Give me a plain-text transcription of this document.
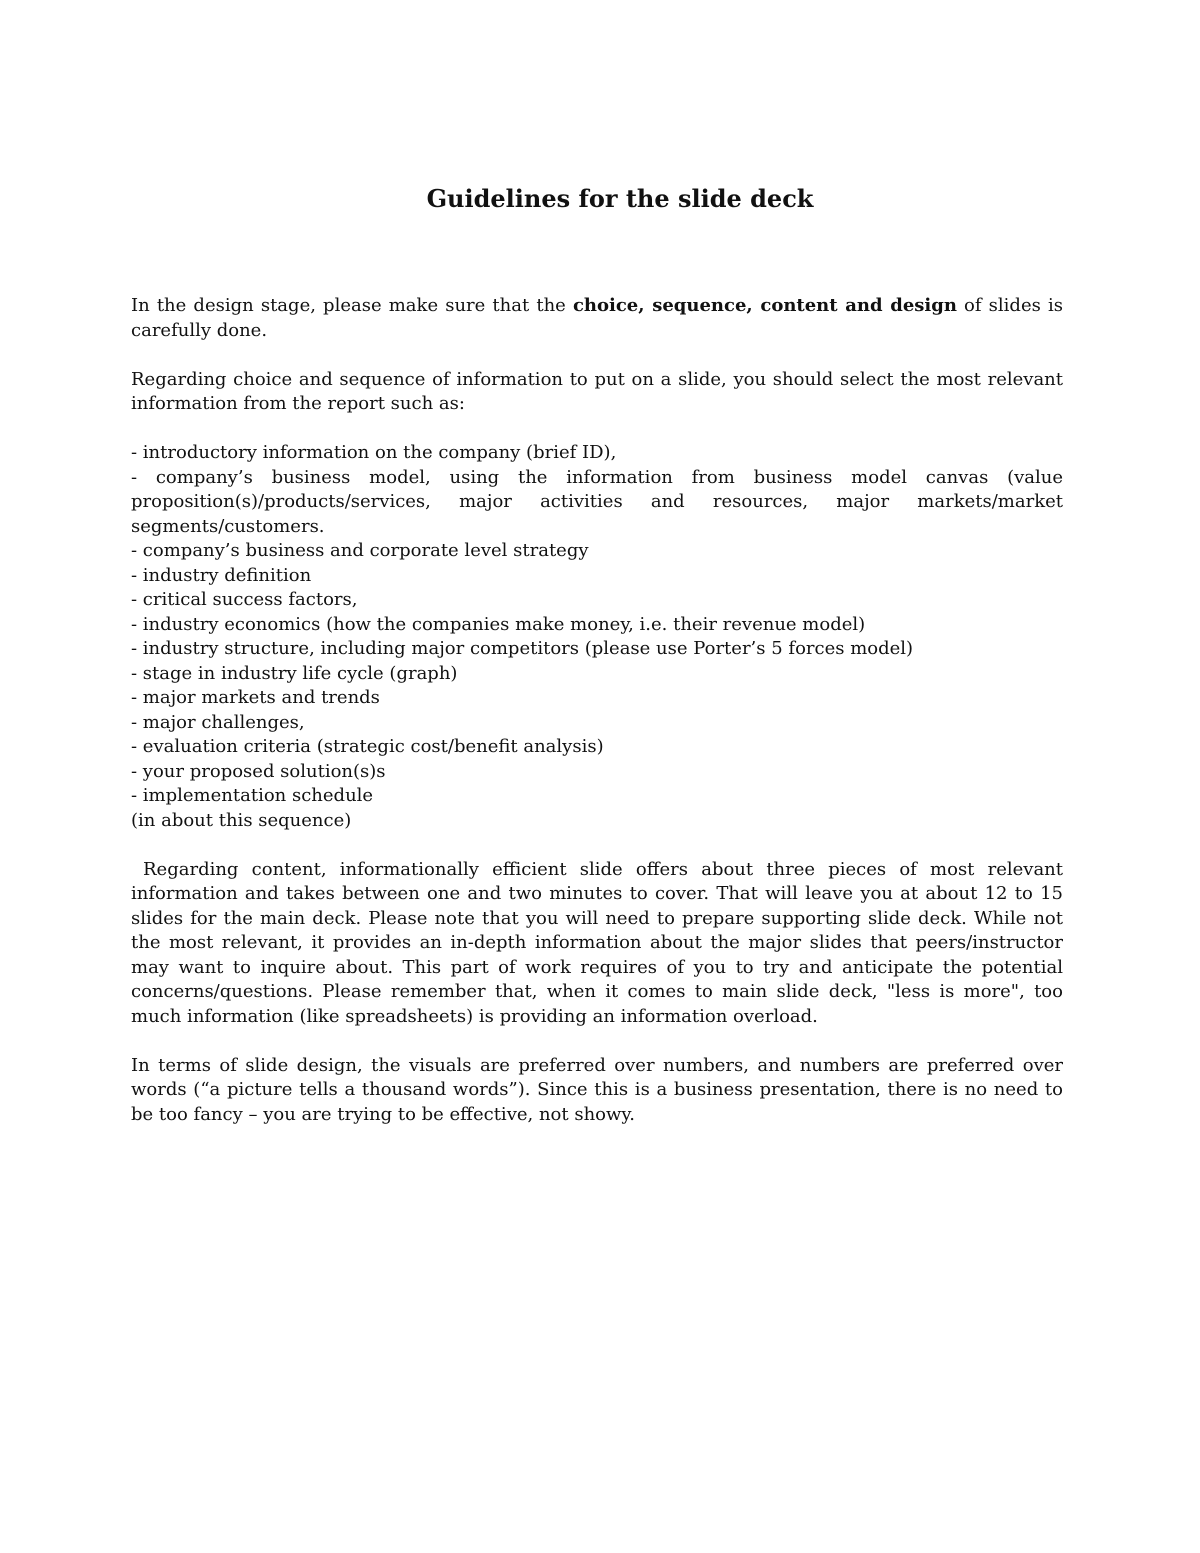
Guidelines for the slide deck

In the design stage, please make sure that the choice, sequence, content and design of slides is carefully done.

Regarding choice and sequence of information to put on a slide, you should select the most relevant information from the report such as:

- introductory information on the company (brief ID),
- company’s business model, using the information from business model canvas (value proposition(s)/products/services, major activities and resources, major markets/market segments/customers.
- company’s business and corporate level strategy
- industry definition
- critical success factors,
- industry economics (how the companies make money, i.e. their revenue model)
- industry structure, including major competitors (please use Porter’s 5 forces model)
- stage in industry life cycle (graph)
- major markets and trends
- major challenges,
- evaluation criteria (strategic cost/benefit analysis)
- your proposed solution(s)s
- implementation schedule
(in about this sequence)

Regarding content, informationally efficient slide offers about three pieces of most relevant information and takes between one and two minutes to cover. That will leave you at about 12 to 15 slides for the main deck. Please note that you will need to prepare supporting slide deck. While not the most relevant, it provides an in-depth information about the major slides that peers/instructor may want to inquire about. This part of work requires of you to try and anticipate the potential concerns/questions. Please remember that, when it comes to main slide deck, "less is more", too much information (like spreadsheets) is providing an information overload.

In terms of slide design, the visuals are preferred over numbers, and numbers are preferred over words (“a picture tells a thousand words”). Since this is a business presentation, there is no need to be too fancy – you are trying to be effective, not showy.
